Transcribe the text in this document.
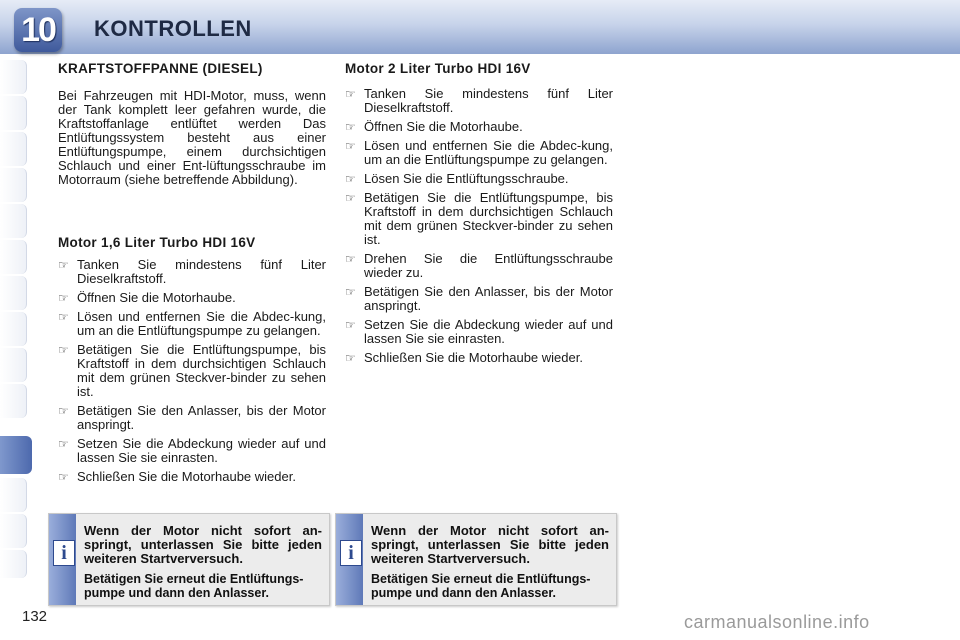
10	KONTROLLEN
KRAFTSTOFFPANNE (DIESEL)

Bei Fahrzeugen mit HDI-Motor, muss, wenn der Tank komplett leer gefahren wurde, die Kraftstoffanlage entlüftet werden Das Entlüftungssystem besteht aus einer Entlüftungspumpe, einem durchsichtigen Schlauch und einer Ent-lüftungsschraube im Motorraum (siehe betreffende Abbildung).

Motor 1,6 Liter Turbo HDI 16V
☞ Tanken Sie mindestens fünf Liter Dieselkraftstoff.
☞ Öffnen Sie die Motorhaube.
☞ Lösen und entfernen Sie die Abdec-kung, um an die Entlüftungspumpe zu gelangen.
☞ Betätigen Sie die Entlüftungspumpe, bis Kraftstoff in dem durchsichtigen Schlauch mit dem grünen Steckver-binder zu sehen ist.
☞ Betätigen Sie den Anlasser, bis der Motor anspringt.
☞ Setzen Sie die Abdeckung wieder auf und lassen Sie sie einrasten.
☞ Schließen Sie die Motorhaube wieder.
Motor 2 Liter Turbo HDI 16V
☞ Tanken Sie mindestens fünf Liter Dieselkraftstoff.
☞ Öffnen Sie die Motorhaube.
☞ Lösen und entfernen Sie die Abdec-kung, um an die Entlüftungspumpe zu gelangen.
☞ Lösen Sie die Entlüftungsschraube.
☞ Betätigen Sie die Entlüftungspumpe, bis Kraftstoff in dem durchsichtigen Schlauch mit dem grünen Steckver-binder zu sehen ist.
☞ Drehen Sie die Entlüftungsschraube wieder zu.
☞ Betätigen Sie den Anlasser, bis der Motor anspringt.
☞ Setzen Sie die Abdeckung wieder auf und lassen Sie sie einrasten.
☞ Schließen Sie die Motorhaube wieder.
i

Wenn der Motor nicht sofort an-springt, unterlassen Sie bitte jeden weiteren Startverversuch.

Betätigen Sie erneut die Entlüftungs-pumpe und dann den Anlasser.

i

Wenn der Motor nicht sofort an-springt, unterlassen Sie bitte jeden weiteren Startverversuch.

Betätigen Sie erneut die Entlüftungs-pumpe und dann den Anlasser.

132	carmanualsonline.info
